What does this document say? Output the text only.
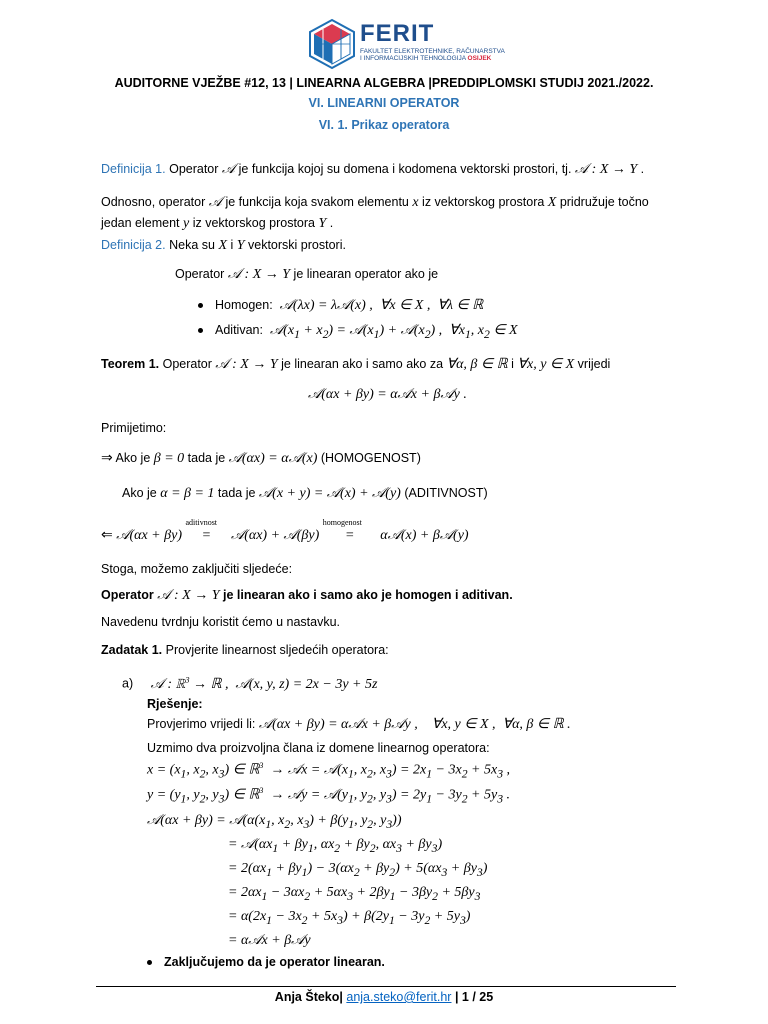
FERIT
FAKULTET ELEKTROTEHNIKE, RAČUNARSTVA
I INFORMACIJSKIH TEHNOLOGIJA OSIJEK
AUDITORNE VJEŽBE #12, 13 | LINEARNA ALGEBRA |PREDDIPLOMSKI STUDIJ 2021./2022.
VI. LINEARNI OPERATOR
VI. 1. Prikaz operatora
Definicija 1. Operator 𝒜 je funkcija kojoj su domena i kodomena vektorski prostori, tj. 𝒜 : X → Y .
Odnosno, operator 𝒜 je funkcija koja svakom elementu x iz vektorskog prostora X pridružuje točno
jedan element y iz vektorskog prostora Y .
Definicija 2. Neka su X i Y vektorski prostori.
Operator 𝒜 : X → Y je linearan operator ako je
Homogen:  𝒜(λx) = λ𝒜(x) ,  ∀x ∈ X ,  ∀λ ∈ ℝ
Aditivan:  $𝒜(x_1 + x_2)$ = $𝒜(x_1)$ + $𝒜(x_2)$ ,  $\forall x_1$, $x_2$ ∈ X
Teorem 1. Operator 𝒜 : X → Y je linearan ako i samo ako za ∀α, β ∈ ℝ i ∀x, y ∈ X vrijedi
𝒜(αx + βy) = α𝒜x + β𝒜y .
Primijetimo:
⇒ Ako je β = 0 tada je 𝒜(αx) = α𝒜(x) (HOMOGENOST)
Ako je α = β = 1 tada je 𝒜(x + y) = 𝒜(x) + 𝒜(y) (ADITIVNOST)
⇐ 𝒜(αx + βy)
aditivnost
= 𝒜(αx) + 𝒜(βy)
homogenost
= α𝒜(x) + β𝒜(y)
Stoga, možemo zaključiti sljedeće:
Operator 𝒜 : X → Y je linearan ako i samo ako je homogen i aditivan.
Navedenu tvrdnju koristit ćemo u nastavku.
Zadatak 1. Provjerite linearnost sljedećih operatora:
a) 𝒜 : ℝ$^3$ → ℝ ,  𝒜(x, y, z) = 2x − 3y + 5z
Rješenje:
Provjerimo vrijedi li: 𝒜(αx + βy) = α𝒜x + β𝒜y ,    ∀x, y ∈ X ,  ∀α, β ∈ ℝ .
Uzmimo dva proizvoljna člana iz domene linearnog operatora:
$x = (x_1$, $x_2$, $x_3$) ∈ ℝ$^3$  → 𝒜x = $𝒜(x_1$, $x_2$, $x_3) = 2x_1 - 3x_2 + 5x_3$ ,
$y = (y_1$, $y_2$, $y_3$) ∈ ℝ$^3$  → 𝒜y = $𝒜(y_1$, $y_2$, $y_3) = 2y_1 - 3y_2 + 5y_3$ .
𝒜(αx + $\beta y) = 𝒜(\alpha(x_1$, $x_2$, $x_3) + \beta(y_1$, $y_2$, $y_3$))
= $𝒜(\alpha x_1 + \beta y_1$, $\alpha x_2 + \beta y_2$, $\alpha x_3 + \beta y_3$)
= $2(\alpha x_1 + \beta y_1) - 3(\alpha x_2 + \beta y_2) + 5(\alpha x_3 + \beta y_3)$
= $2\alpha x_1 - 3\alpha x_2 + 5\alpha x_3 + 2\beta y_1 - 3\beta y_2 + 5\beta y_3$
= $\alpha(2x_1 - 3x_2 + 5x_3) + \beta(2y_1 - 3y_2 + 5y_3)$
= α𝒜x + β𝒜y
Zaključujemo da je operator linearan.
Anja Šteko| anja.steko@ferit.hr | 1 / 25
